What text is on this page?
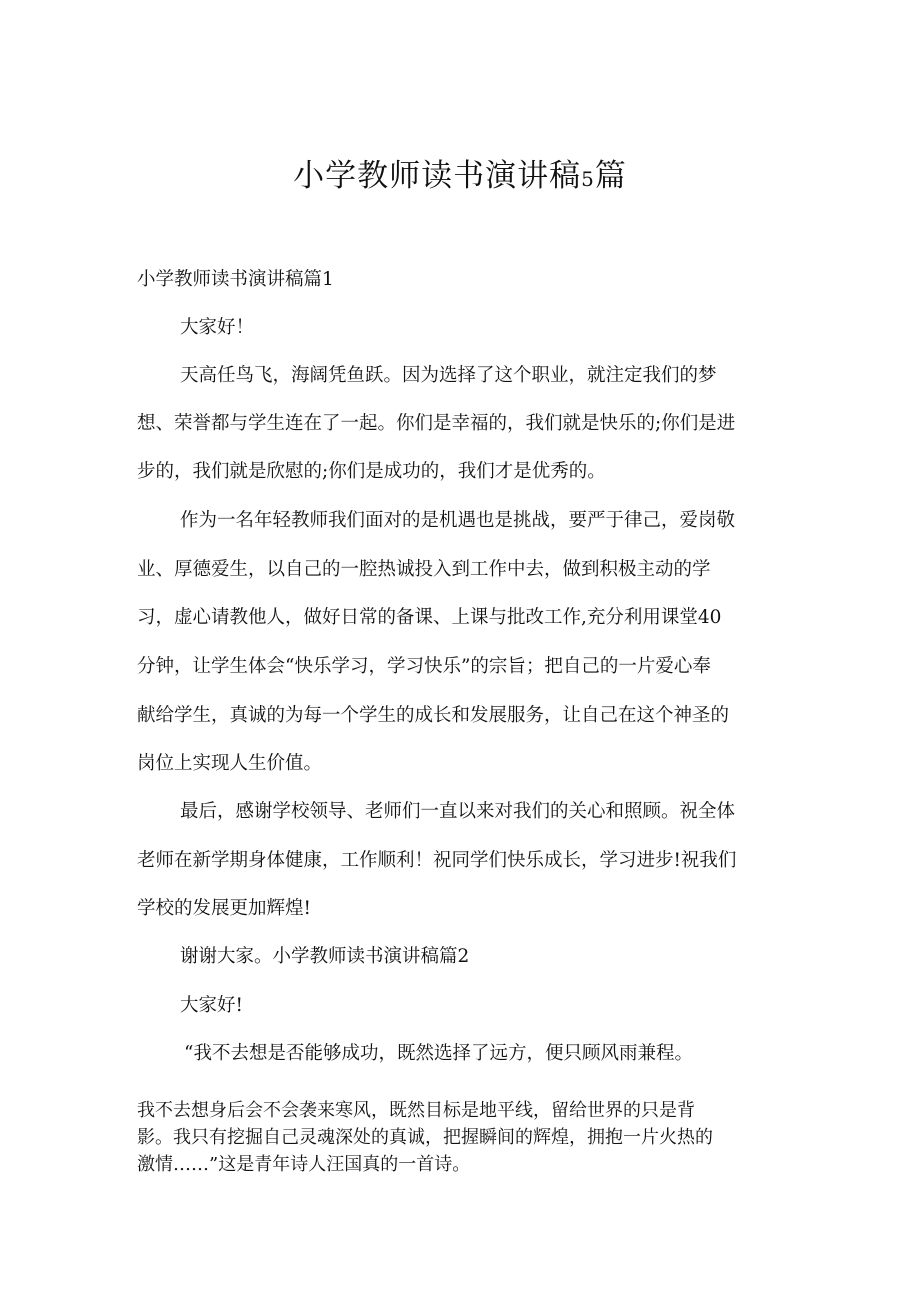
小学教师读书演讲稿5篇
小学教师读书演讲稿篇1
大家好！
天高任鸟飞，海阔凭鱼跃。因为选择了这个职业，就注定我们的梦
想、荣誉都与学生连在了一起。你们是幸福的，我们就是快乐的;你们是进
步的，我们就是欣慰的;你们是成功的，我们才是优秀的。
作为一名年轻教师我们面对的是机遇也是挑战，要严于律己，爱岗敬
业、厚德爱生，以自己的一腔热诚投入到工作中去，做到积极主动的学
习，虚心请教他人，做好日常的备课、上课与批改工作,充分利用课堂40
分钟，让学生体会“快乐学习，学习快乐”的宗旨；把自己的一片爱心奉
献给学生，真诚的为每一个学生的成长和发展服务，让自己在这个神圣的
岗位上实现人生价值。
最后，感谢学校领导、老师们一直以来对我们的关心和照顾。祝全体
老师在新学期身体健康，工作顺利！祝同学们快乐成长，学习进步!祝我们
学校的发展更加辉煌!
谢谢大家。小学教师读书演讲稿篇2
大家好!
“我不去想是否能够成功，既然选择了远方，便只顾风雨兼程。

我不去想身后会不会袭来寒风，既然目标是地平线，留给世界的只是背

影。我只有挖掘自己灵魂深处的真诚，把握瞬间的辉煌，拥抱一片火热的

激情……”这是青年诗人汪国真的一首诗。
